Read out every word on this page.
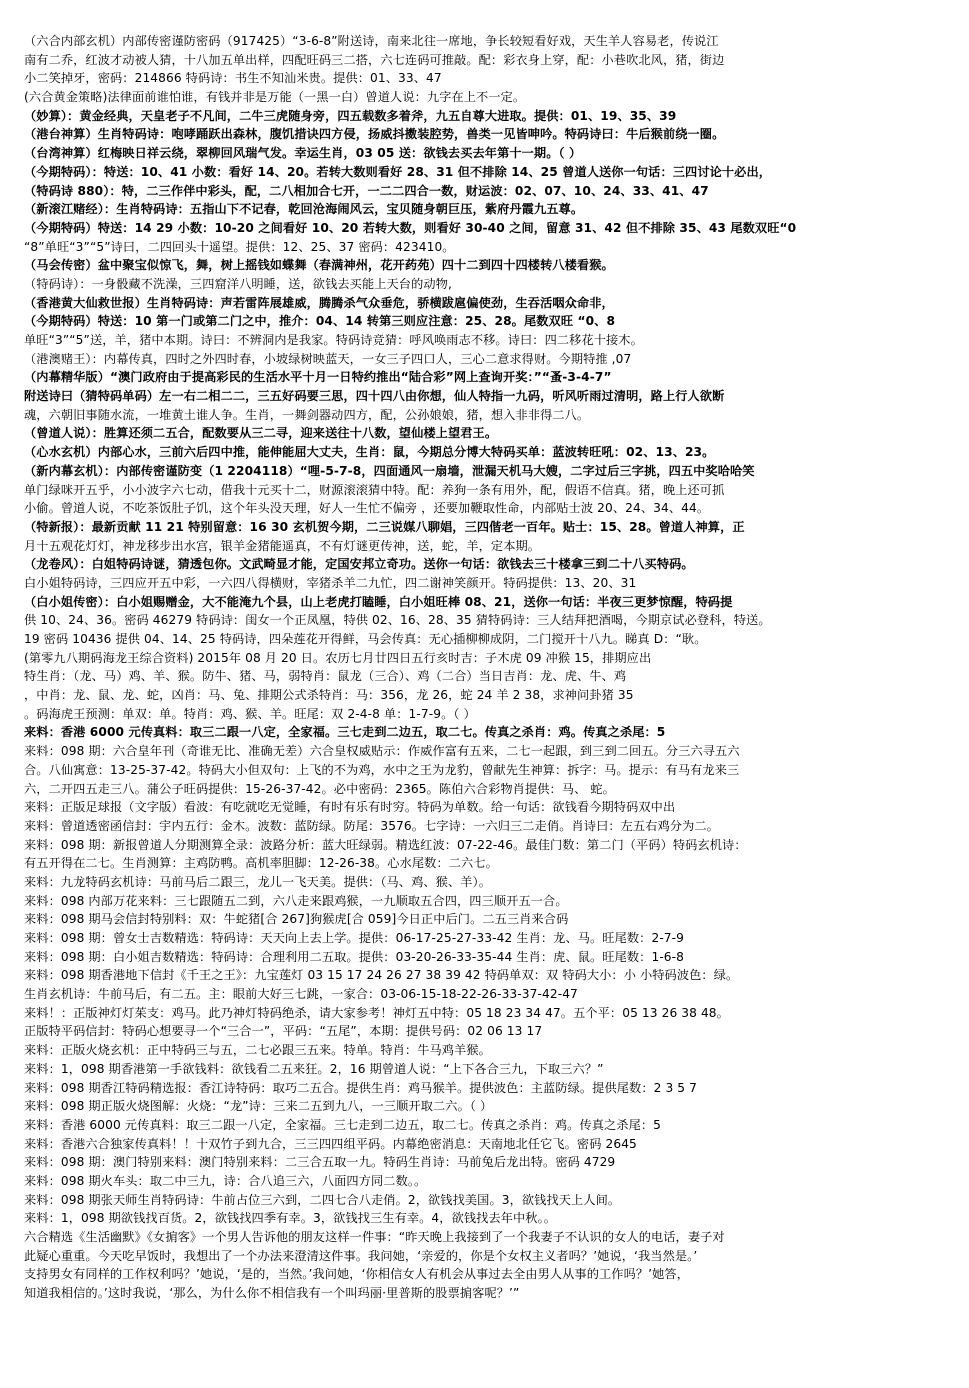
（六合内部玄机）内部传密谨防密码（917425）“3-6-8”附送诗，南来北往一席地，争长较短看好戏，天生羊人容易老，传说江
南有二乔，红波才动被人猜，十八加五单出样，四配旺码三二搭，六七连码可推敲。配：彩衣身上穿，配：小巷吹北风，猪，街边
小二笑掉牙，密码：214866 特码诗：书生不知汕米贵。提供：01、33、47
(六合黄金策略)法律面前谁怕谁，有钱并非是万能（一黑一白）曾道人说：九字在上不一定。
（妙算）：黄金经典，天皇老子不凡间，二牛三虎随身旁，四五载数多着斧，九五自尊大进取。提供：01、19、35、39
（港台神算）生肖特码诗：咆哮踊跃出森林，腹饥措诀四方侵，扬威抖擞装腔势，兽类一见皆呻吟。特码诗曰：牛后猴前绕一圈。
（台湾神算）红梅映日祥云绕，翠柳回风瑞气发。幸运生肖，03 05 送：欲钱去买去年第十一期。（ ）
（今期特码）：特送：10、41 小数：看好 14、20。若转大数则看好 28、31 但不排除 14、25 曾道人送你一句话：三四讨论十必出，
（特码诗 880）：特，二三作伴中彩头，配，二八相加合七开，一二二四合一数，财运波：02、07、10、24、33、41、47
（新滚江赌经）：生肖特码诗：五指山下不记春，乾回沧海闹风云，宝贝随身朝巨压，紫府丹霞九五尊。
（今期特码）特送：14 29 小数：10-20 之间看好 10、20 若转大数，则看好 30-40 之间，留意 31、42 但不排除 35、43 尾数双旺“0
“8”单旺“3”“5”诗曰，二四回头十遥望。提供：12、25、37 密码：423410。
（马会传密）盆中聚宝似惊飞，舞，树上摇钱如蝶舞（春满神州，花开药苑）四十二到四十四楼转八楼看猴。
（特码诗）：一身骰藏不洗澡，三四窟洋八明睡，送，欲钱去买能上天台的动物,
（香港黄大仙救世报）生肖特码诗：声若雷阵展雄威，腾腾杀气众垂危，骄横跋扈偏使劲，生吞活咽众命非，
（今期特码）特送：10 第一门或第二门之中，推介：04、14 转第三则应注意：25、28。尾数双旺 “0、8
单旺“3”“5”送，羊，猪中本期。诗曰：不辨洞内是我家。特码诗竞猜：呼风唤雨志不移。诗曰：四二移花十接木。
（港澳赌王）：内幕传真，四时之外四时春，小坡绿树映蓝天，一女三子四口人，三心二意求得财。今期特推 ,07
（内幕精华版）“澳门政府由于提高彩民的生活水平十月一日特约推出“陆合彩”网上查询开奖：”“蚤-3-4-7”
附送诗曰（猜特码单码）左一右二相二二，三五好码要三思，四十四八由你想，仙人特指一九码，听风听雨过清明，路上行人欲断
魂，六朝旧事随水流，一堆黄土谁人争。生肖，一舞剑器动四方，配，公孙娘娘，猪，想入非非得二八。
（曾道人说）：胜算还须二五合，配数要从三二寻，迎来送往十八数，望仙楼上望君王。
（心水玄机）内部心水，三前六后四中推，能伸能屈大丈夫，生肖：鼠，今期总分博大特码买单：蓝波转旺吼：02、13、23。
（新内幕玄机）：内部传密谨防变（1 2204118）“哩-5-7-8，四面通风一扇墙，泄漏天机马大嫂，二字过后三字挑，四五中奖哈哈笑
单门绿咪开五乎，小小波字六七动，借我十元买十二，财源滚滚猜中特。配：养狗一条有用外，配，假语不信真。猪，晚上还可抓
小偷。曾道人说，不吃茶饭肚子饥，这个年头没天理，好人一生忙不偏旁 ，还要加鞭取性命，内部贴士波 20、24、34、44。
（特新报）：最新贡献 11 21 特别留意：16 30 玄机贺今期，二三说媒八聊娼，三四偕老一百年。贴士：15、28。曾道人神算，正
月十五观花灯灯，神龙移步出水宫，银羊金猪能遥真，不有灯谜更传神，送，蛇，羊，定本期。
（龙卷风）：白姐特码诗谜，猜透包你。文武畸显才能，定国安邦立奇功。送你一句话：欲钱去三十楼拿三到二十八买特码。
白小姐特码诗，三四应开五中彩，一六四八得横财，宰猪杀羊二九忙，四二谢神笑颜开。特码提供：13、20、31
（白小姐传密）：白小姐赐赠金，大不能淹九个县，山上老虎打瞌睡，白小姐旺棒 08、21，送你一句话：半夜三更梦惊醒，特码提
供 10、24、36。密码 46279 特码诗：闺女一个正凤凰，特供 02、16、28、35 猜特码诗：三人结拜把酒喝，今期京试必登科，特送。
19 密码 10436 提供 04、14、25 特码诗，四朵莲花开得鲜，马会传真：无心插柳柳成阴，二门搅开十八九。睇真 D：“耿。
(第零九八期码海龙王综合资料) 2015年 08 月 20 日。农历七月廿四日五行亥时吉：子木虎 09 冲猴 15，排期应出
特生肖：（龙、马）鸡、羊、猴。防牛、猪、马，弱特肖：鼠龙（三合）、鸡（二合）当日吉肖：龙、虎、牛、鸡
，中肖：龙、鼠、龙、蛇，凶肖：马、兔、排期公式杀特肖：马：356，龙 26，蛇 24 羊 2 38，求神问卦猪 35
。码海虎王预测：单双：单。特肖：鸡、猴、羊。旺尾：双 2-4-8 单：1-7-9。（ ）
来料：香港 6000 元传真料：取三二跟一八定，全家福。三七走到二边五，取二七。传真之杀肖：鸡。传真之杀尾：5
来料：098 期：六合皇年刊（奇谁无比、准确无差）六合皇权威贴示：作威作富有五来，二七一起跟，到三到二回五。分三六寻五六
合。八仙寓意：13-25-37-42。特码大小但双句：上飞的不为鸡，水中之王为龙豹，曾献先生神算：拆字：马。提示：有马有龙来三
六，二开四五走三八。蒲公子旺码提供：15-26-37-42。必中密码：2365。陈伯六合彩物肖提供：马、 蛇。
来料：正版足球报（文字版）看波：有吃就吃无觉睡，有时有乐有时穷。特码为单数。给一句话：欲钱看今期特码双中出
来料：曾道透密函信封：宇内五行：金木。波数：蓝防绿。防尾：3576。七字诗：一六归三二走俏。肖诗曰：左五右鸡分为二。
来料：098 期：新报曾道人分期测算全录：波路分析：蓝大旺绿弱。精选红波：07-22-46。最佳门数：第二门（平码）特码玄机诗：
有五开得在二七。生肖测算：主鸡防鸭。高机率胆脚：12-26-38。心水尾数：二六七。
来料：九龙特码玄机诗：马前马后二跟三，龙儿一飞天美。提供：（马、鸡、猴、羊）。
来料：098 内部万花来料：三七跟随五二到，六八走来跟鸡猴，一九顺取五合四，四三顺开五一合。
来料：098 期马会信封特别料：双：牛蛇猪[合 267]狗猴虎[合 059]今日正中后门。二五三肖来合码
来料：098 期：曾女士吉数精选：特码诗：天天向上去上学。提供：06-17-25-27-33-42 生肖：龙、马。旺尾数：2-7-9
来料：098 期：白小姐吉数精选：特码诗：合理利用二五取。提供：03-20-26-33-35-44 生肖：虎、鼠。旺尾数：1-6-8
来料：098 期香港地下信封《千王之王》：九宝莲灯 03 15 17 24 26 27 38 39 42 特码单双：双 特码大小：小 小特码波色：绿。
生肖玄机诗：牛前马后，有二五。主：眼前大好三七跳，一家合：03-06-15-18-22-26-33-37-42-47
来料！：正版神灯灯茱支：鸡马。此乃神灯特码绝杀，请大家参考！神灯五中特：05 18 23 34 47。五个平：05 13 26 38 48。
正版特平码信封：特码心想要寻一个“三合一”，平码：“五尾”，本期：提供号码：02 06 13 17
来料：正版火烧玄机：正中特码三与五，二七必跟三五来。特单。特肖：牛马鸡羊猴。
来料：1，098 期香港第一手欲钱料：欲钱看二五来狂。2，16 期曾道人说：“上下各合三九，下取三六？”
来料：098 期香江特码精选报：香江诗特码：取巧二五合。提供生肖：鸡马猴羊。提供波色：主蓝防绿。提供尾数：2 3 5 7
来料：098 期正版火烧图解：火烧：“龙”诗：三来二五到九八，一三顺开取二六。（ ）
来料：香港 6000 元传真料：取三二跟一八定，全家福。三七走到二边五，取二七。传真之杀肖：鸡。传真之杀尾：5
来料：香港六合独家传真料！！十双竹子到九合，三三四四组平码。内幕绝密消息：天南地北任它飞。密码 2645
来料：098 期：澳门特别来料：澳门特别来料：二三合五取一九。特码生肖诗：马前兔后龙出特。密码 4729
来料：098 期火车头：取二中三九，诗：合八追三六，八面四方同二数。。
来料：098 期张天师生肖特码诗：牛前占位三六到，二四七合八走俏。2，欲钱找美国。3，欲钱找天上人间。
来料：1，098 期欲钱找百货。2，欲钱找四季有幸。3，欲钱找三生有幸。4，欲钱找去年中秋。。
六合精选《生活幽默》《女掮客》一个男人告诉他的朋友这样一件事：“昨天晚上我接到了一个我妻子不认识的女人的电话，妻子对
此疑心重重。今天吃早饭时，我想出了一个办法来澄清这件事。我问她，‘亲爱的，你是个女权主义者吗？’她说，‘我当然是。’
支持男女有同样的工作权利吗？’她说，‘是的，当然。’我问她，‘你相信女人有机会从事过去全由男人从事的工作吗？’她答，
知道我相信的。’这时我说，‘那么，为什么你不相信我有一个叫玛丽·里普斯的股票掮客呢？’”
